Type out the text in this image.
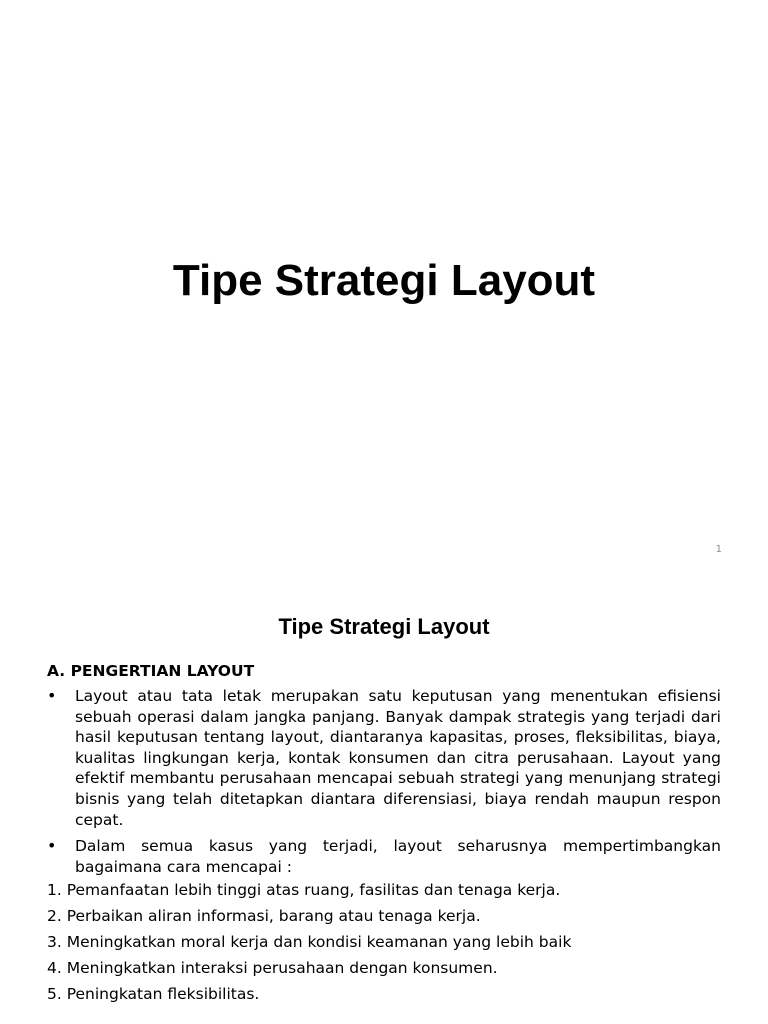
Tipe Strategi Layout
1
Tipe Strategi Layout
A. PENGERTIAN LAYOUT
•	Layout atau tata letak merupakan satu keputusan yang menentukan efisiensi sebuah operasi dalam jangka panjang. Banyak dampak strategis yang terjadi dari hasil keputusan tentang layout, diantaranya kapasitas, proses, fleksibilitas, biaya, kualitas lingkungan kerja, kontak konsumen dan citra perusahaan. Layout yang efektif membantu perusahaan mencapai sebuah strategi yang menunjang strategi bisnis yang telah ditetapkan diantara diferensiasi, biaya rendah maupun respon cepat.
•	Dalam semua kasus yang terjadi, layout seharusnya mempertimbangkan bagaimana cara mencapai :
1. Pemanfaatan lebih tinggi atas ruang, fasilitas dan tenaga kerja.
2. Perbaikan aliran informasi, barang atau tenaga kerja.
3. Meningkatkan moral kerja dan kondisi keamanan yang lebih baik
4. Meningkatkan interaksi perusahaan dengan konsumen.
5. Peningkatan fleksibilitas.
